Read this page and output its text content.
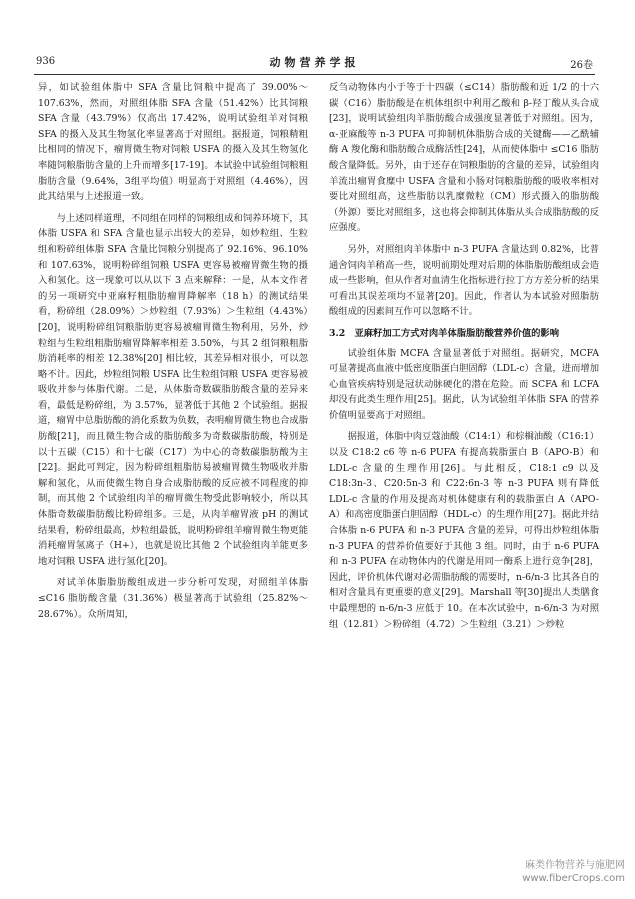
936	动物营养学报	26卷

异，如试验组体脂中 SFA 含量比饲粮中提高了 39.00%～107.63%，然而，对照组体脂 SFA 含量（51.42%）比其饲粮 SFA 含量（43.79%）仅高出 17.42%，说明试验组羊对饲粮 SFA 的摄入及其生物氢化率显著高于对照组。据报道，饲粮精粗比相同的情况下，瘤胃微生物对饲粮 USFA 的摄入及其生物氢化率随饲粮脂肪含量的上升而增多[17-19]。本试验中试验组饲粮粗脂肪含量（9.64%，3组平均值）明显高于对照组（4.46%），因此其结果与上述报道一致。

与上述同样道理，不同组在同样的饲粮组成和饲养环境下，其体脂 USFA 和 SFA 含量也显示出较大的差异，如炒粒组、生粒组和粉碎组体脂 SFA 含量比饲粮分别提高了 92.16%、96.10% 和 107.63%，说明粉碎组饲粮 USFA 更容易被瘤胃微生物的摄入和氢化。这一现象可以从以下 3 点来解释：一是，从本文作者的另一项研究中亚麻籽粗脂肪瘤胃降解率（18 h）的测试结果看，粉碎组（28.09%）＞炒粒组（7.93%）＞生粒组（4.43%）[20]，说明粉碎组饲粮脂肪更容易被瘤胃微生物利用，另外，炒粒组与生粒组粗脂肪瘤胃降解率相差 3.50%，与其 2 组饲粮粗脂肪消耗率的相差 12.38%[20] 相比较，其差异相对很小，可以忽略不计。因此，炒粒组饲粮 USFA 比生粒组饲粮 USFA 更容易被吸收并参与体脂代谢。二是，从体脂奇数碳脂肪酸含量的差异来看，最低是粉碎组，为 3.57%，显著低于其他 2 个试验组。据报道，瘤胃中总脂肪酸的消化系数为负数，表明瘤胃微生物也合成脂肪酸[21]，而且微生物合成的脂肪酸多为奇数碳脂肪酸，特别是以十五碳（C15）和十七碳（C17）为中心的奇数碳脂肪酸为主[22]。据此可判定，因为粉碎组粗脂肪易被瘤胃微生物吸收并脂解和氢化，从而使微生物自身合成脂肪酸的反应被不同程度的抑制，而其他 2 个试验组肉羊的瘤胃微生物受此影响较小，所以其体脂奇数碳脂肪酸比粉碎组多。三是，从肉羊瘤胃液 pH 的测试结果看，粉碎组最高，炒粒组最低，说明粉碎组羊瘤胃微生物更能消耗瘤胃氢离子（H+），也就是说比其他 2 个试验组肉羊能更多地对饲粮 USFA 进行氢化[20]。

对试羊体脂脂肪酸组成进一步分析可发现，对照组羊体脂 ≤C16 脂肪酸含量（31.36%）极显著高于试验组（25.82%～28.67%）。众所周知，

反刍动物体内小于等于十四碳（≤C14）脂肪酸和近 1/2 的十六碳（C16）脂肪酸是在机体组织中利用乙酸和 β-羟丁酸从头合成[23]，说明试验组肉羊脂肪酸合成强度显著低于对照组。因为，α-亚麻酸等 n-3 PUFA 可抑制机体脂肪合成的关键酶——乙酰辅酶 A 羧化酶和脂肪酸合成酶活性[24]，从而使体脂中 ≤C16 脂肪酸含量降低。另外，由于还存在饲粮脂肪的含量的差异，试验组肉羊流出瘤胃食糜中 USFA 含量和小肠对饲粮脂肪酸的吸收率相对要比对照组高，这些脂肪以乳糜微粒（CM）形式摄入的脂肪酸（外源）要比对照组多，这也将会抑制其体脂从头合成脂肪酸的反应强度。

另外，对照组肉羊体脂中 n-3 PUFA 含量达到 0.82%，比普通舍饲肉羊稍高一些，说明前期处理对后期的体脂脂肪酸组成会造成一些影响，但从作者对血清生化指标进行拉丁方方差分析的结果可看出其误差项均不显著[20]。因此，作者认为本试验对照脂肪酸组成的因素间互作可以忽略不计。

3.2　亚麻籽加工方式对肉羊体脂脂肪酸营养价值的影响

试验组体脂 MCFA 含量显著低于对照组。据研究，MCFA 可显著提高血液中低密度脂蛋白胆固醇（LDL-c）含量，进而增加心血管疾病特别是冠状动脉硬化的潜在危险。而 SCFA 和 LCFA 却没有此类生理作用[25]。据此，认为试验组羊体脂 SFA 的营养价值明显要高于对照组。

据报道，体脂中肉豆蔻油酸（C14:1）和棕榈油酸（C16:1）以及 C18:2 c6 等 n-6 PUFA 有提高载脂蛋白 B（APO-B）和 LDL-c 含量的生理作用[26]。与此相反，C18:1 c9 以及 C18:3n-3、C20:5n-3 和 C22:6n-3 等 n-3 PUFA 则有降低 LDL-c 含量的作用及提高对机体健康有利的载脂蛋白 A（APO-A）和高密度脂蛋白胆固醇（HDL-c）的生理作用[27]。据此并结合体脂 n-6 PUFA 和 n-3 PUFA 含量的差异，可得出炒粒组体脂 n-3 PUFA 的营养价值要好于其他 3 组。同时，由于 n-6 PUFA 和 n-3 PUFA 在动物体内的代谢是用同一酶系上进行竞争[28]，因此，评价机体代谢对必需脂肪酸的需要时，n-6/n-3 比其各自的相对含量具有更重要的意义[29]。Marshall 等[30]提出人类膳食中最理想的 n-6/n-3 应低于 10。在本次试验中，n-6/n-3 为对照组（12.81）＞粉碎组（4.72）＞生粒组（3.21）＞炒粒

麻类作物营养与施肥网
www.fiberCrops.com
